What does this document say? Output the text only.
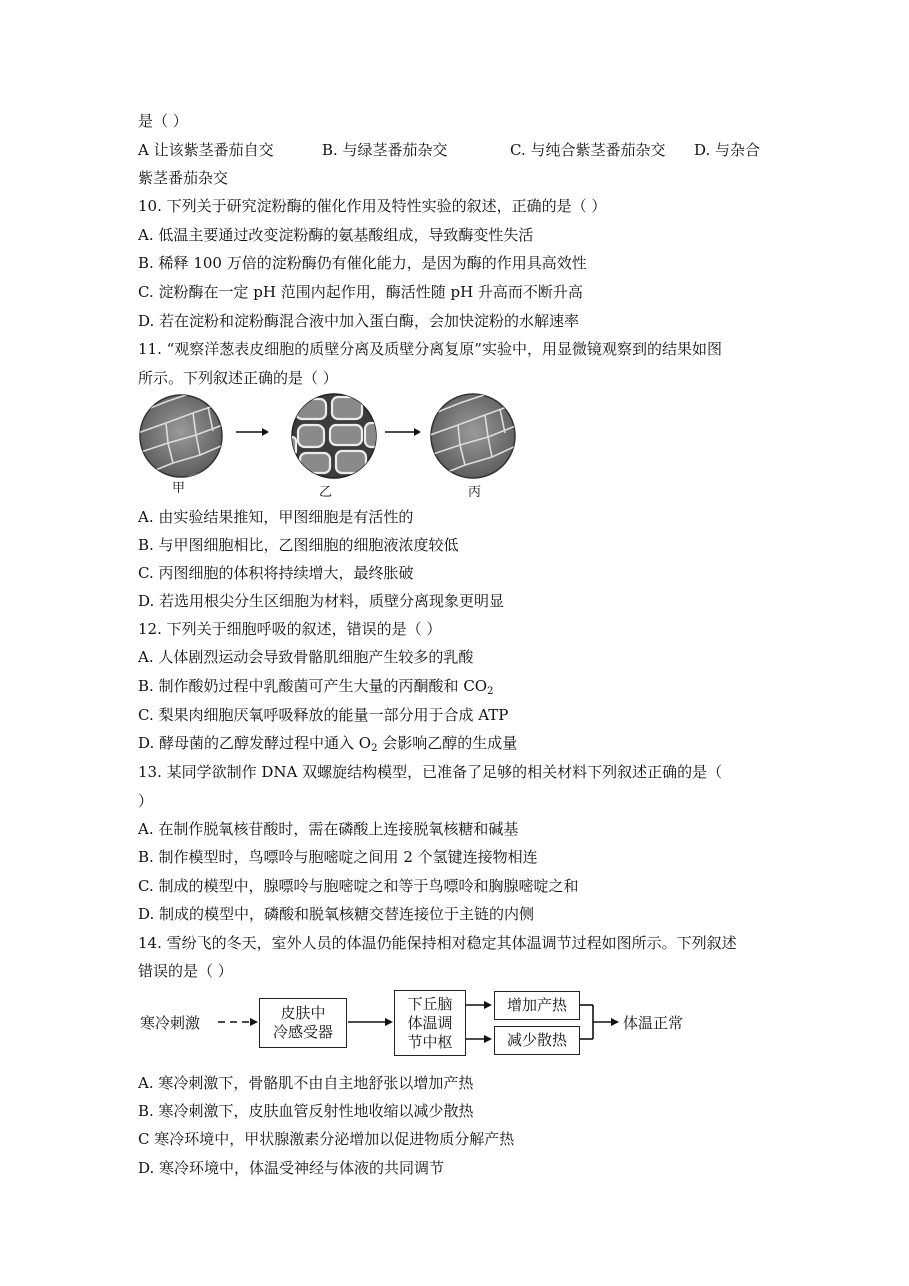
是（ ）
A 让该紫茎番茄自交	B. 与绿茎番茄杂交	C. 与纯合紫茎番茄杂交 D. 与杂合
紫茎番茄杂交
10. 下列关于研究淀粉酶的催化作用及特性实验的叙述，正确的是（ ）
A. 低温主要通过改变淀粉酶的氨基酸组成，导致酶变性失活
B. 稀释 100 万倍的淀粉酶仍有催化能力，是因为酶的作用具高效性
C. 淀粉酶在一定 pH 范围内起作用，酶活性随 pH 升高而不断升高
D. 若在淀粉和淀粉酶混合液中加入蛋白酶，会加快淀粉的水解速率
11. “观察洋葱表皮细胞的质壁分离及质壁分离复原”实验中，用显微镜观察到的结果如图
所示。下列叙述正确的是（ ）
甲	乙	丙
A. 由实验结果推知，甲图细胞是有活性的
B. 与甲图细胞相比，乙图细胞的细胞液浓度较低
C. 丙图细胞的体积将持续增大，最终胀破
D. 若选用根尖分生区细胞为材料，质壁分离现象更明显
12. 下列关于细胞呼吸的叙述，错误的是（ ）
A. 人体剧烈运动会导致骨骼肌细胞产生较多的乳酸
B. 制作酸奶过程中乳酸菌可产生大量的丙酮酸和 $CO_2$
C. 梨果肉细胞厌氧呼吸释放的能量一部分用于合成 ATP
D. 酵母菌的乙醇发酵过程中通入 $O_2$ 会影响乙醇的生成量
13. 某同学欲制作 DNA 双螺旋结构模型，已准备了足够的相关材料下列叙述正确的是（
）
A. 在制作脱氧核苷酸时，需在磷酸上连接脱氧核糖和碱基
B. 制作模型时，鸟嘌呤与胞嘧啶之间用 2 个氢键连接物相连
C. 制成的模型中，腺嘌呤与胞嘧啶之和等于鸟嘌呤和胸腺嘧啶之和
D. 制成的模型中，磷酸和脱氧核糖交替连接位于主链的内侧
14. 雪纷飞的冬天，室外人员的体温仍能保持相对稳定其体温调节过程如图所示。下列叙述
错误的是（ ）
寒冷刺激
皮肤中
冷感受器
下丘脑
体温调
节中枢
增加产热
减少散热
体温正常
A. 寒冷刺激下，骨骼肌不由自主地舒张以增加产热
B. 寒冷刺激下，皮肤血管反射性地收缩以减少散热
C 寒冷环境中，甲状腺激素分泌增加以促进物质分解产热
D. 寒冷环境中，体温受神经与体液的共同调节
